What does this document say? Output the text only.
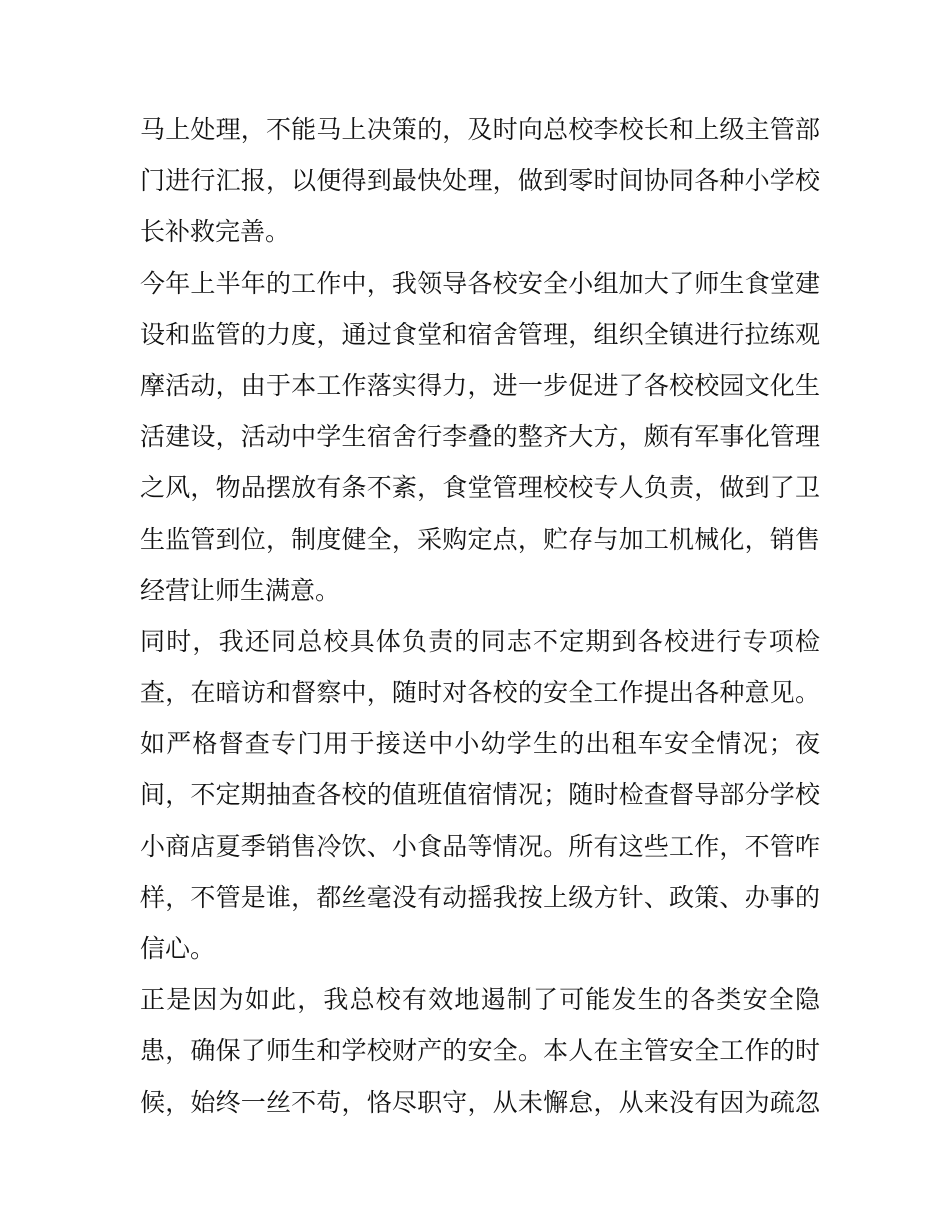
马上处理，不能马上决策的，及时向总校李校长和上级主管部
门进行汇报，以便得到最快处理，做到零时间协同各种小学校
长补救完善。
今年上半年的工作中，我领导各校安全小组加大了师生食堂建
设和监管的力度，通过食堂和宿舍管理，组织全镇进行拉练观
摩活动，由于本工作落实得力，进一步促进了各校校园文化生
活建设，活动中学生宿舍行李叠的整齐大方，颇有军事化管理
之风，物品摆放有条不紊，食堂管理校校专人负责，做到了卫
生监管到位，制度健全，采购定点，贮存与加工机械化，销售
经营让师生满意。
同时，我还同总校具体负责的同志不定期到各校进行专项检
查，在暗访和督察中，随时对各校的安全工作提出各种意见。
如严格督查专门用于接送中小幼学生的出租车安全情况；夜
间，不定期抽查各校的值班值宿情况；随时检查督导部分学校
小商店夏季销售冷饮、小食品等情况。所有这些工作，不管咋
样，不管是谁，都丝毫没有动摇我按上级方针、政策、办事的
信心。
正是因为如此，我总校有效地遏制了可能发生的各类安全隐
患，确保了师生和学校财产的安全。本人在主管安全工作的时
候，始终一丝不苟，恪尽职守，从未懈怠，从来没有因为疏忽
